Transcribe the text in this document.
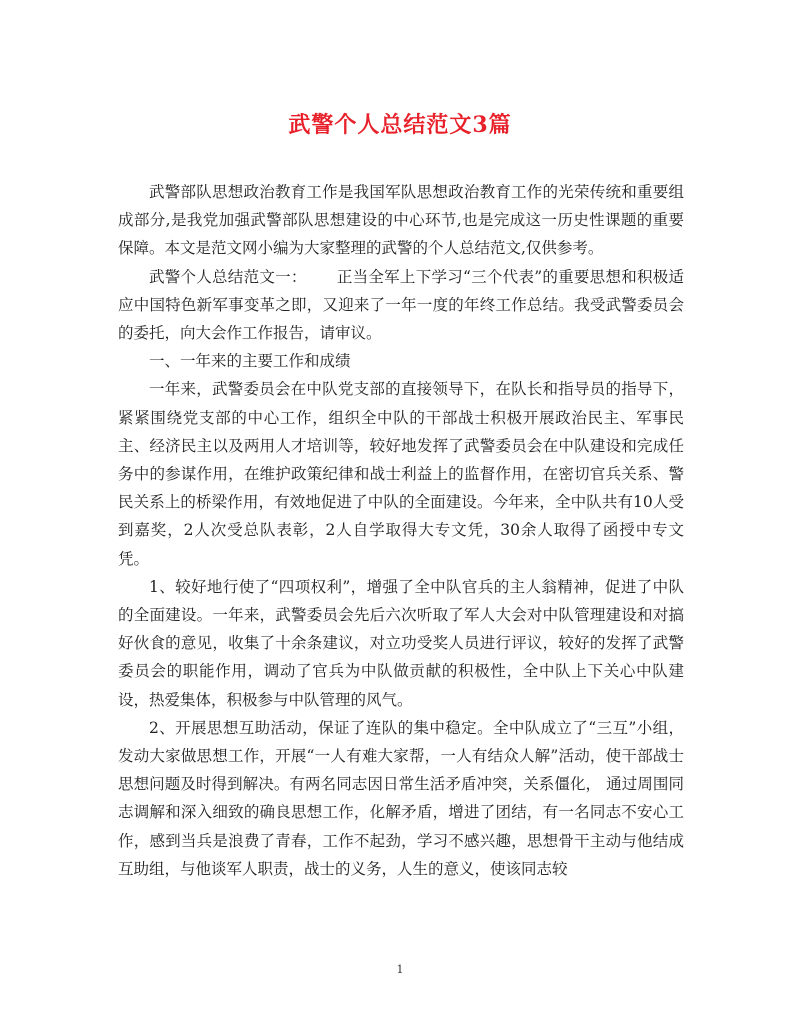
武警个人总结范文3篇

武警部队思想政治教育工作是我国军队思想政治教育工作的光荣传统和重要组成部分,是我党加强武警部队思想建设的中心环节,也是完成这一历史性课题的重要保障。本文是范文网小编为大家整理的武警的个人总结范文,仅供参考。

武警个人总结范文一： 正当全军上下学习“三个代表”的重要思想和积极适应中国特色新军事变革之即，又迎来了一年一度的年终工作总结。我受武警委员会的委托，向大会作工作报告，请审议。

一、一年来的主要工作和成绩

一年来，武警委员会在中队党支部的直接领导下，在队长和指导员的指导下，紧紧围绕党支部的中心工作，组织全中队的干部战士积极开展政治民主、军事民主、经济民主以及两用人才培训等，较好地发挥了武警委员会在中队建设和完成任务中的参谋作用，在维护政策纪律和战士利益上的监督作用，在密切官兵关系、警民关系上的桥梁作用，有效地促进了中队的全面建设。今年来，全中队共有10人受到嘉奖，2人次受总队表彰，2人自学取得大专文凭，30余人取得了函授中专文凭。

1、较好地行使了“四项权利”，增强了全中队官兵的主人翁精神，促进了中队的全面建设。一年来，武警委员会先后六次听取了军人大会对中队管理建设和对搞好伙食的意见，收集了十余条建议，对立功受奖人员进行评议，较好的发挥了武警委员会的职能作用，调动了官兵为中队做贡献的积极性，全中队上下关心中队建设，热爱集体，积极参与中队管理的风气。

2、开展思想互助活动，保证了连队的集中稳定。全中队成立了“三互”小组，发动大家做思想工作，开展“一人有难大家帮，一人有结众人解”活动，使干部战士思想问题及时得到解决。有两名同志因日常生活矛盾冲突，关系僵化， 通过周围同志调解和深入细致的确良思想工作，化解矛盾，增进了团结，有一名同志不安心工作，感到当兵是浪费了青春，工作不起劲，学习不感兴趣，思想骨干主动与他结成互助组，与他谈军人职责，战士的义务，人生的意义，使该同志较

1
